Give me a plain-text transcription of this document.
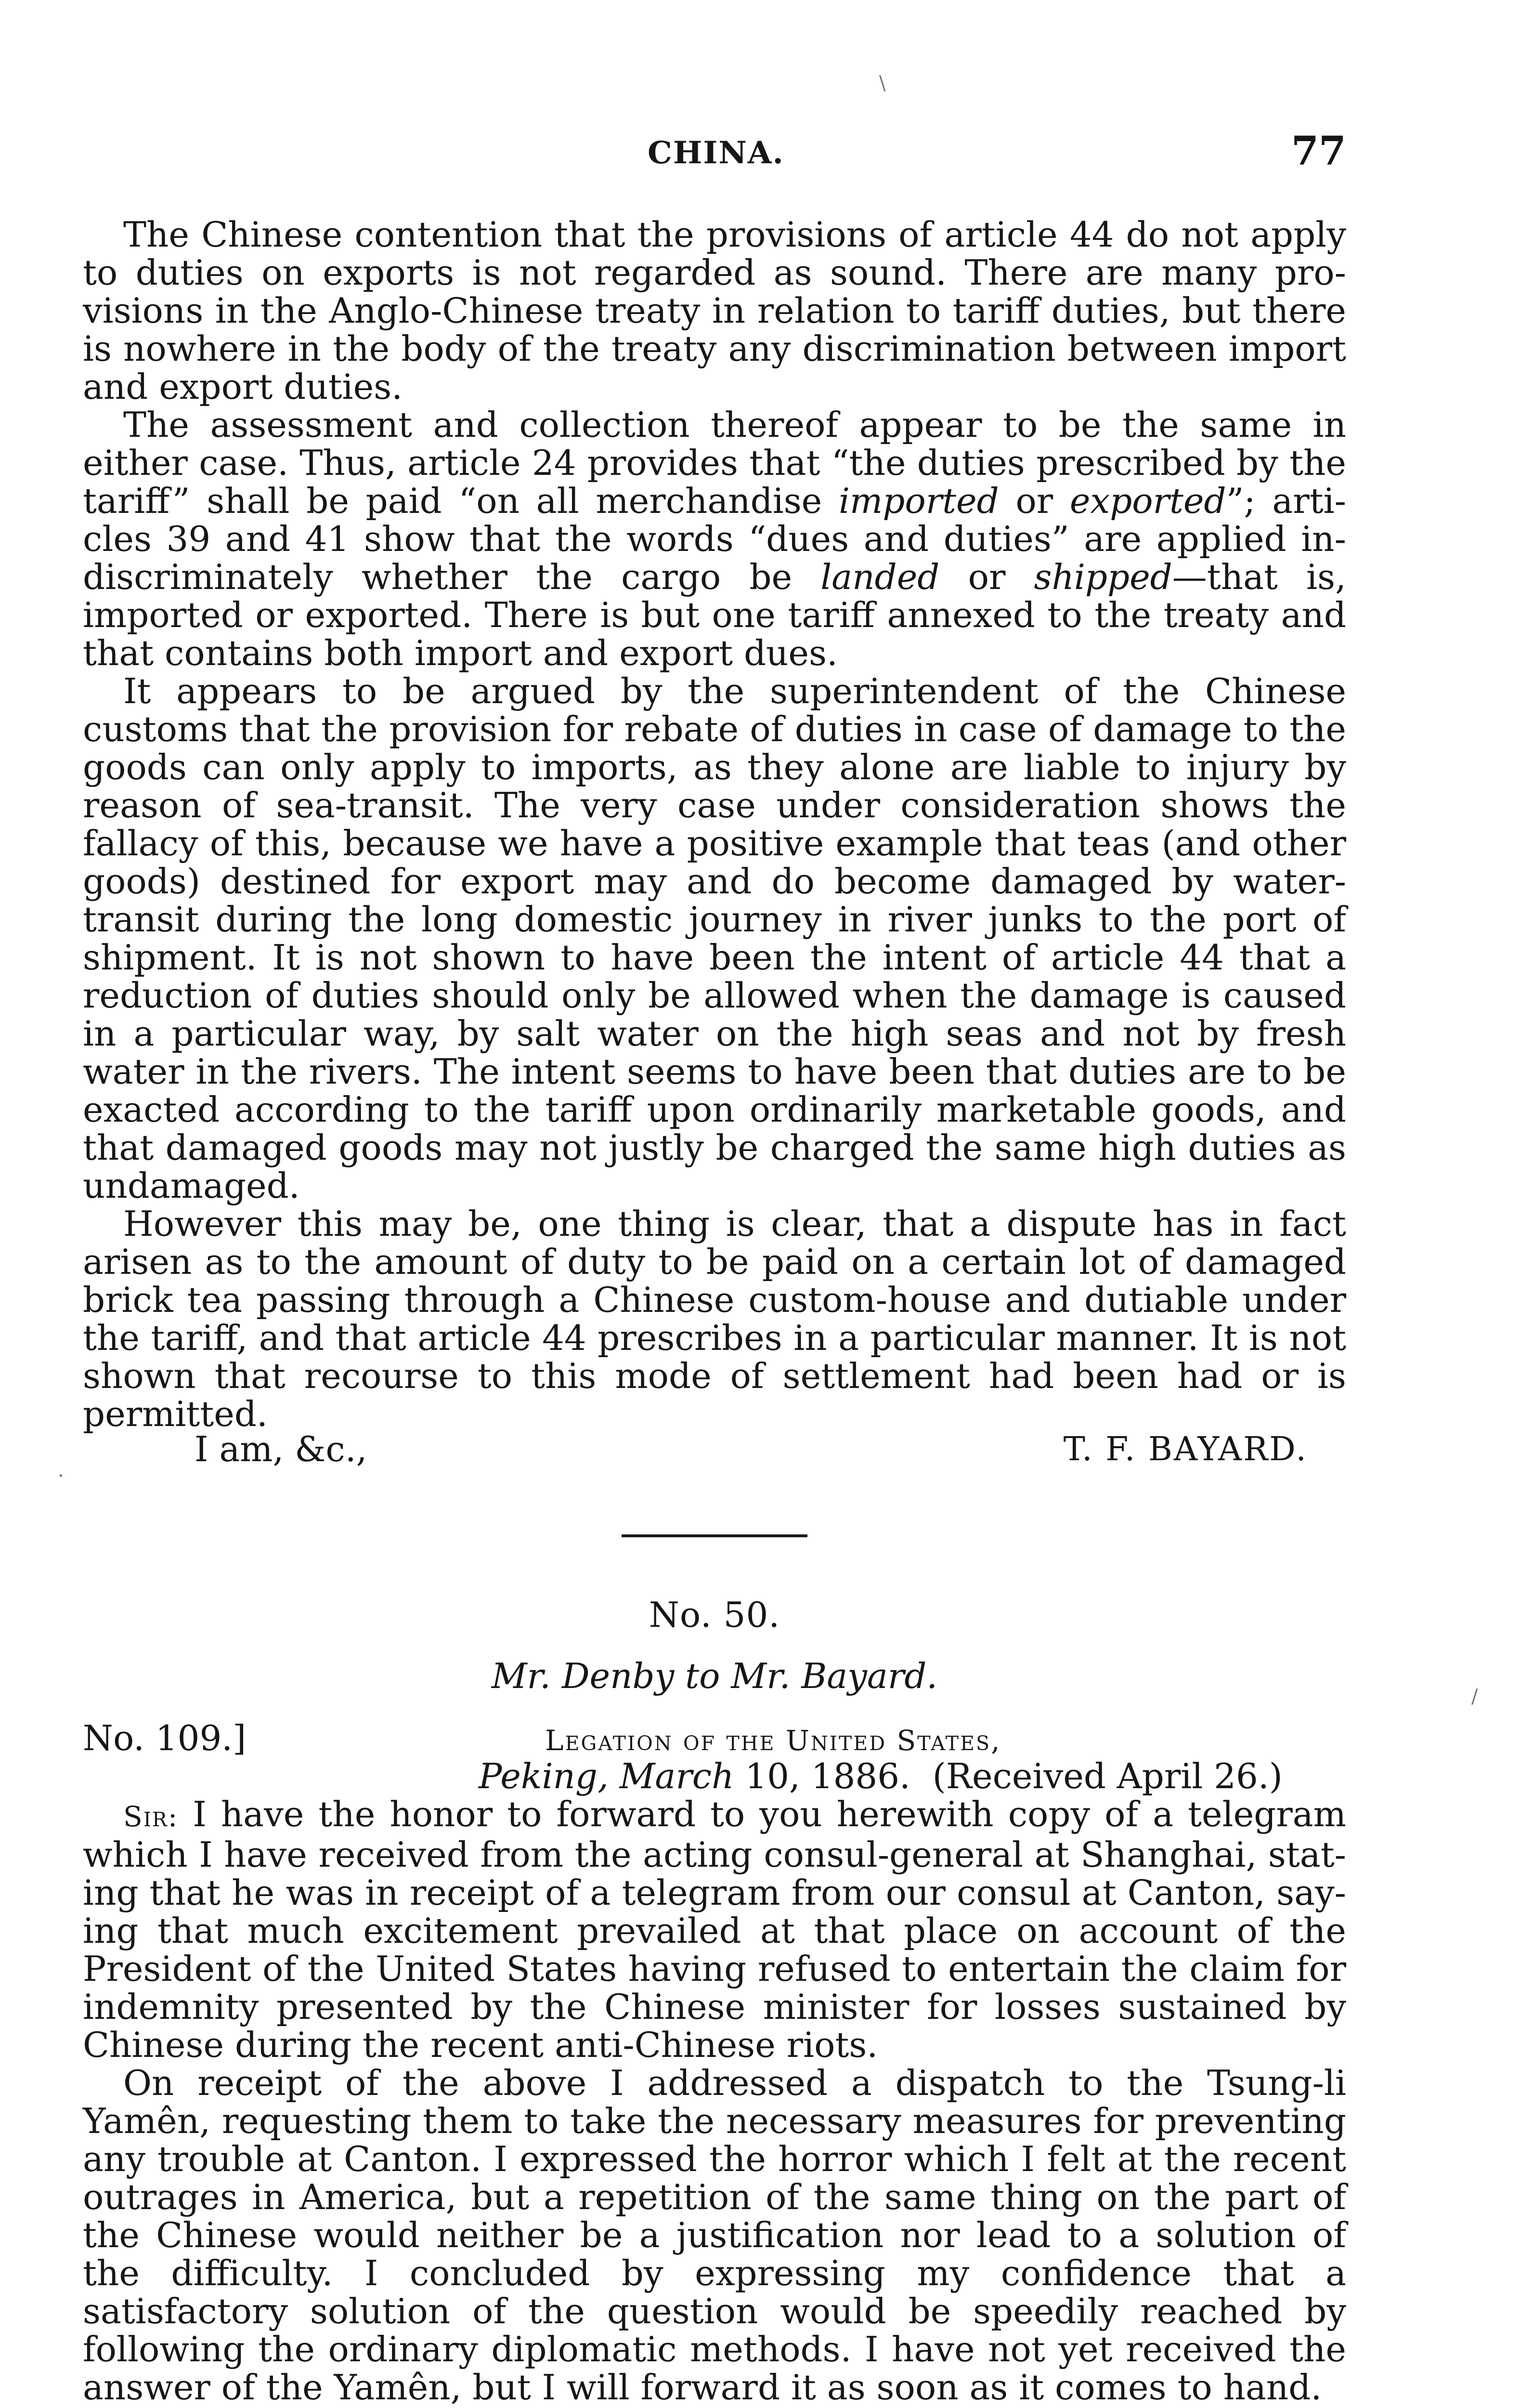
CHINA.	77

The Chinese contention that the provisions of article 44 do not apply to duties on exports is not regarded as sound. There are many provisions in the Anglo-Chinese treaty in relation to tariff duties, but there is nowhere in the body of the treaty any discrimination between import and export duties.

The assessment and collection thereof appear to be the same in either case. Thus, article 24 provides that “the duties prescribed by the tariff” shall be paid “on all merchandise imported or exported”; articles 39 and 41 show that the words “dues and duties” are applied indiscriminately whether the cargo be landed or shipped—that is, imported or exported. There is but one tariff annexed to the treaty and that contains both import and export dues.

It appears to be argued by the superintendent of the Chinese customs that the provision for rebate of duties in case of damage to the goods can only apply to imports, as they alone are liable to injury by reason of sea-transit. The very case under consideration shows the fallacy of this, because we have a positive example that teas (and other goods) destined for export may and do become damaged by water-transit during the long domestic journey in river junks to the port of shipment. It is not shown to have been the intent of article 44 that a reduction of duties should only be allowed when the damage is caused in a particular way, by salt water on the high seas and not by fresh water in the rivers. The intent seems to have been that duties are to be exacted according to the tariff upon ordinarily marketable goods, and that damaged goods may not justly be charged the same high duties as undamaged.

However this may be, one thing is clear, that a dispute has in fact arisen as to the amount of duty to be paid on a certain lot of damaged brick tea passing through a Chinese custom-house and dutiable under the tariff, and that article 44 prescribes in a particular manner. It is not shown that recourse to this mode of settlement had been had or is permitted.

I am, &c.,	T. F. BAYARD.
No. 50.
Mr. Denby to Mr. Bayard.
No. 109.]	Legation of the United States,
Peking, March 10, 1886. (Received April 26.)

Sir: I have the honor to forward to you herewith copy of a telegram which I have received from the acting consul-general at Shanghai, stating that he was in receipt of a telegram from our consul at Canton, saying that much excitement prevailed at that place on account of the President of the United States having refused to entertain the claim for indemnity presented by the Chinese minister for losses sustained by Chinese during the recent anti-Chinese riots.

On receipt of the above I addressed a dispatch to the Tsung-li Yamên, requesting them to take the necessary measures for preventing any trouble at Canton. I expressed the horror which I felt at the recent outrages in America, but a repetition of the same thing on the part of the Chinese would neither be a justification nor lead to a solution of the difficulty. I concluded by expressing my confidence that a satisfactory solution of the question would be speedily reached by following the ordinary diplomatic methods. I have not yet received the answer of the Yamên, but I will forward it as soon as it comes to hand.

\
/
.
